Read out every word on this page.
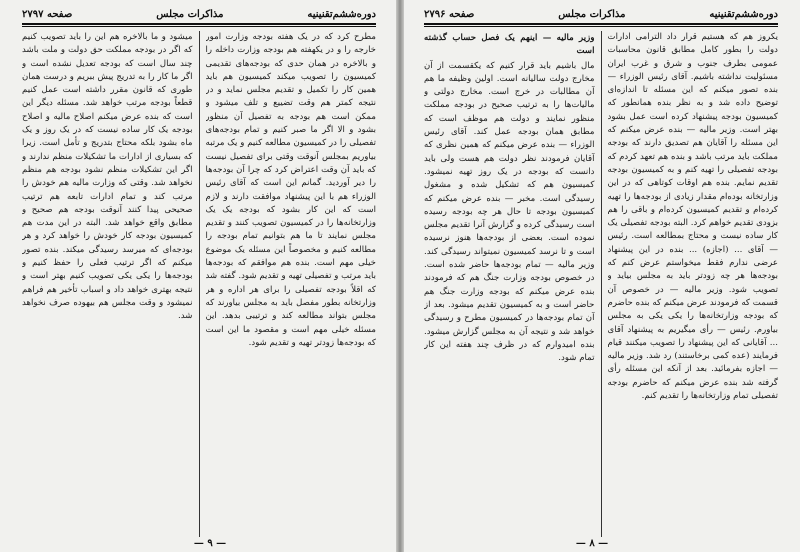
دوره‌ششم‌تقنینیه
مذاکرات مجلس
صفحه ۲۷۹۷

مطرح کرد که در یک هفته بودجه وزارت امور خارجه را و در یکهفته هم بودجه وزارت داخله را و بالاخره در همان حدی که بودجه‌های تقدیمی کمیسیون را تصویب میکند کمیسیون هم باید همین کار را تکمیل و تقدیم مجلس نماید و در نتیجه کمتر هم وقت تضییع و تلف میشود و ممکن است هم بودجه به تفصیل آن منظور بشود و الا اگر ما صبر کنیم و تمام بودجه‌های تفصیلی را در کمیسیون مطالعه کنیم و یک مرتبه بیاوریم بمجلس آنوقت وقتی برای تفصیل نیست که باید آن وقت اعتراض کرد که چرا آن بودجه‌ها را دیر آوردید. گمانم این است که آقای رئیس الوزراء هم با این پیشنهاد موافقت دارند و لازم است که این کار بشود که بودجه یک یک وزارتخانه‌ها را در کمیسیون تصویب کنند و تقدیم مجلس نمایند تا ما هم بتوانیم تمام بودجه را مطالعه کنیم و مخصوصاً این مسئله یک موضوع خیلی مهم است. بنده هم موافقم که بودجه‌ها باید مرتب و تفصیلی تهیه و تقدیم شود. گفته شد که اقلاً بودجه تفصیلی را برای هر اداره و هر وزارتخانه بطور مفصل باید به مجلس بیاورند که مجلس بتواند مطالعه کند و ترتیبی بدهد. این مسئله خیلی مهم است و مقصود ما این است که بودجه‌ها زودتر تهیه و تقدیم شود.

میشود و ما بالاخره هم این را باید تصویب کنیم که اگر در بودجه مملکت حق دولت و ملت باشد چند سال است که بودجه تعدیل نشده است و اگر ما کار را به تدریج پیش ببریم و درست همان طوری که قانون مقرر داشته است عمل کنیم قطعاً بودجه مرتب خواهد شد. مسئله دیگر این است که بنده عرض میکنم اصلاح مالیه و اصلاح بودجه یک کار ساده نیست که در یک روز و یک ماه بشود بلکه محتاج بتدریج و تأمل است. زیرا که بسیاری از ادارات ما تشکیلات منظم ندارند و اگر این تشکیلات منظم نشود بودجه هم منظم نخواهد شد. وقتی که وزارت مالیه هم خودش را مرتب کند و تمام ادارات تابعه هم ترتیب صحیحی پیدا کنند آنوقت بودجه هم صحیح و مطابق واقع خواهد شد. البته در این مدت هم کمیسیون بودجه کار خودش را خواهد کرد و هر بودجه‌ای که میرسد رسیدگی میکند. بنده تصور میکنم که اگر ترتیب فعلی را حفظ کنیم و بودجه‌ها را یکی یکی تصویب کنیم بهتر است و نتیجه بهتری خواهد داد و اسباب تأخیر هم فراهم نمیشود و وقت مجلس هم بیهوده صرف نخواهد شد.

— ۹ —
دوره‌ششم‌تقنینیه
مذاکرات مجلس
صفحه ۲۷۹۶

یکروز هم که هستیم قرار داد الترامی ادارات دولت را بطور کامل مطابق قانون محاسبات عمومی بطرف جنوب و شرق و غرب ایران مسئولیت نداشته باشیم. آقای رئیس الوزراء — بنده تصور میکنم که این مسئله تا اندازه‌ای توضیح داده شد و به نظر بنده همانطور که کمیسیون بودجه پیشنهاد کرده است عمل بشود بهتر است. وزیر مالیه — بنده عرض میکنم که این مسئله را آقایان هم تصدیق دارند که بودجه مملکت باید مرتب باشد و بنده هم تعهد کردم که بودجه تفصیلی را تهیه کنم و به کمیسیون بودجه تقدیم نمایم. بنده هم اوقات کوتاهی که در این وزارتخانه بوده‌ام مقدار زیادی از بودجه‌ها را تهیه کرده‌ام و تقدیم کمیسیون کرده‌ام و باقی را هم بزودی تقدیم خواهم کرد. البته بودجه تفصیلی یک کار ساده نیست و محتاج بمطالعه است. رئیس — آقای ... (اجازه) ... بنده در این پیشنهاد عرضی ندارم فقط میخواستم عرض کنم که بودجه‌ها هر چه زودتر باید به مجلس بیاید و تصویب شود. وزیر مالیه — در خصوص آن قسمت که فرمودند عرض میکنم که بنده حاضرم که بودجه وزارتخانه‌ها را یکی یکی به مجلس بیاورم. رئیس — رأی میگیریم به پیشنهاد آقای ... آقایانی که این پیشنهاد را تصویب میکنند قیام فرمایند (عده کمی برخاستند) رد شد. وزیر مالیه — اجازه بفرمائید. بعد از آنکه این مسئله رأی گرفته شد بنده عرض میکنم که حاضرم بودجه تفصیلی تمام وزارتخانه‌ها را تقدیم کنم.

وزیر مالیه — اینهم یک فصل حساب گذشته است

مال باشیم باید قرار کنیم که یکقسمت از آن مخارج دولت سالیانه است. اولین وظیفه ما هم آن مطالبات در خرج است. مخارج دولتی و مالیات‌ها را به ترتیب صحیح در بودجه مملکت منظور نمایند و دولت هم موظف است که مطابق همان بودجه عمل کند. آقای رئیس الوزراء — بنده عرض میکنم که همین نظری که آقایان فرمودند نظر دولت هم هست ولی باید دانست که بودجه در یک روز تهیه نمیشود. کمیسیون هم که تشکیل شده و مشغول رسیدگی است. مخبر — بنده عرض میکنم که کمیسیون بودجه تا حال هر چه بودجه رسیده است رسیدگی کرده و گزارش آنرا تقدیم مجلس نموده است. بعضی از بودجه‌ها هنوز نرسیده است و تا نرسد کمیسیون نمیتواند رسیدگی کند. وزیر مالیه — تمام بودجه‌ها حاضر شده است. در خصوص بودجه وزارت جنگ هم که فرمودند بنده عرض میکنم که بودجه وزارت جنگ هم حاضر است و به کمیسیون تقدیم میشود. بعد از آن تمام بودجه‌ها در کمیسیون مطرح و رسیدگی خواهد شد و نتیجه آن به مجلس گزارش میشود. بنده امیدوارم که در ظرف چند هفته این کار تمام شود.

— ۸ —
